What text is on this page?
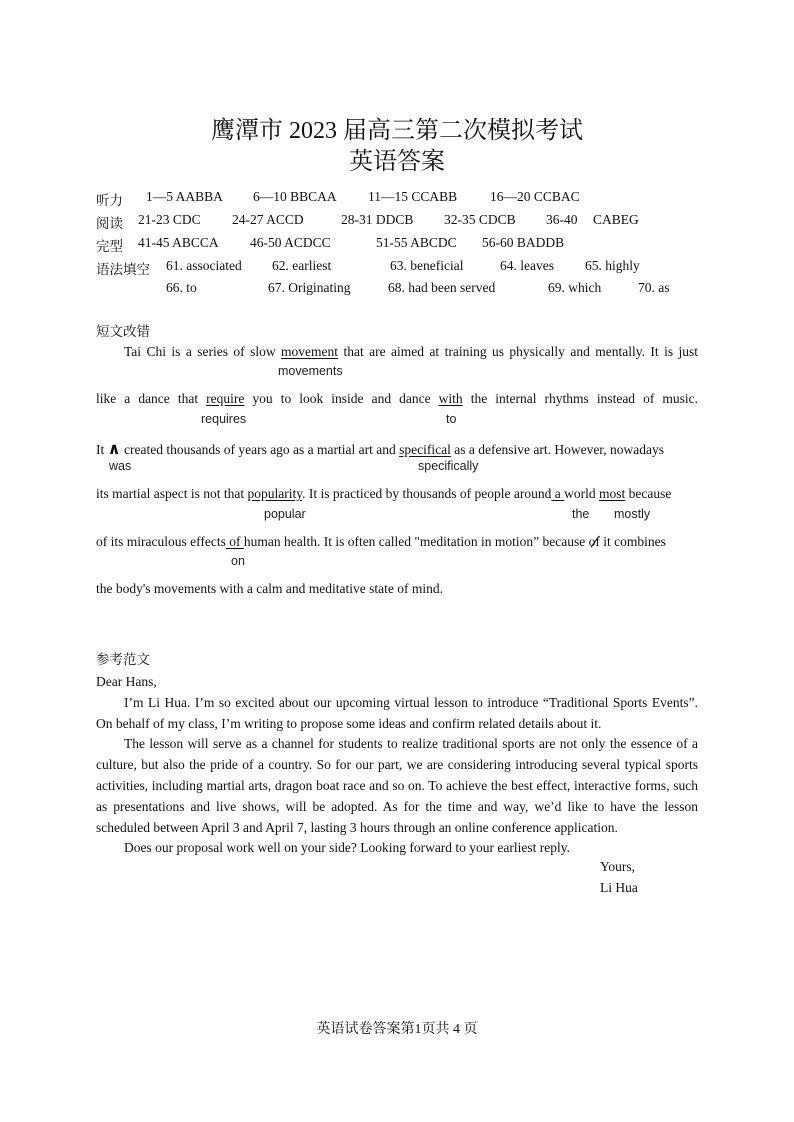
鹰潭市 2023 届高三第二次模拟考试
英语答案
听力 1—5 AABBA 6—10 BBCAA 11—15 CCABB 16—20 CCBAC
阅读 21-23 CDC 24-27 ACCD	28-31 DDCB 32-35 CDCB 36-40 CABEG
完型 41-45 ABCCA 46-50 ACDCC	51-55 ABCDC 56-60 BADDB
语法填空 61. associated 62. earliest	63. beneficial	64. leaves 65. highly
66. to	67. Originating	68. had been served	69. which	70. as
短文改错
Tai Chi is a series of slow movement that are aimed at training us physically and mentally. It is just
movements
like a dance that require you to look inside and dance with the internal rhythms instead of music.
requires	to
It ∧ created thousands of years ago as a martial art and specifical as a defensive art. However, nowadays
was	specifically
its martial aspect is not that popularity. It is practiced by thousands of people around a world most because
popular	the mostly
of its miraculous effects of human health. It is often called "meditation in motion” because of it combines
on
the body's movements with a calm and meditative state of mind.
参考范文

Dear Hans,

I’m Li Hua. I’m so excited about our upcoming virtual lesson to introduce “Traditional Sports Events”. On behalf of my class, I’m writing to propose some ideas and confirm related details about it.

The lesson will serve as a channel for students to realize traditional sports are not only the essence of a culture, but also the pride of a country. So for our part, we are considering introducing several typical sports activities, including martial arts, dragon boat race and so on. To achieve the best effect, interactive forms, such as presentations and live shows, will be adopted. As for the time and way, we’d like to have the lesson scheduled between April 3 and April 7, lasting 3 hours through an online conference application.

Does our proposal work well on your side? Looking forward to your earliest reply.

Yours,
Li Hua
英语试卷答案第1页共 4 页
